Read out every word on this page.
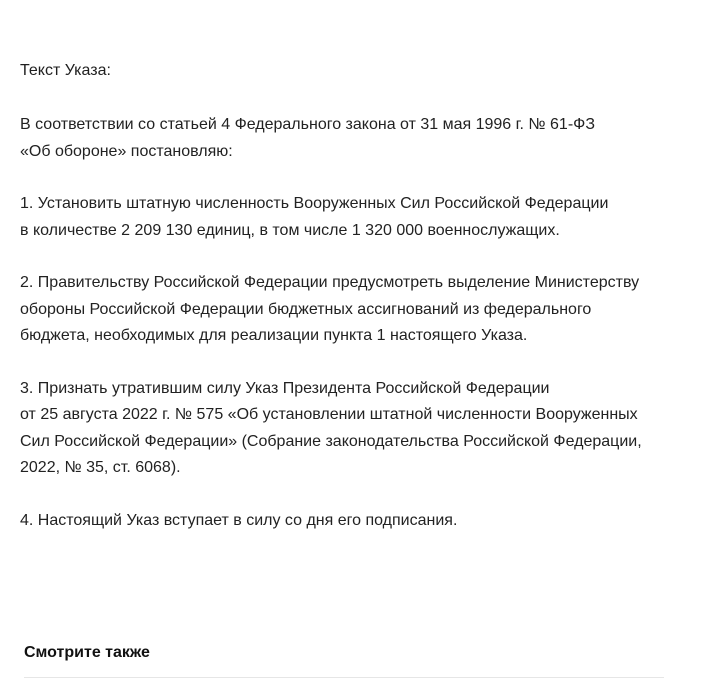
Текст Указа:

В соответствии со статьей 4 Федерального закона от 31 мая 1996 г. № 61-ФЗ
«Об обороне» постановляю:

1. Установить штатную численность Вооруженных Сил Российской Федерации
в количестве 2 209 130 единиц, в том числе 1 320 000 военнослужащих.

2. Правительству Российской Федерации предусмотреть выделение Министерству
обороны Российской Федерации бюджетных ассигнований из федерального
бюджета, необходимых для реализации пункта 1 настоящего Указа.

3. Признать утратившим силу Указ Президента Российской Федерации
от 25 августа 2022 г. № 575 «Об установлении штатной численности Вооруженных
Сил Российской Федерации» (Собрание законодательства Российской Федерации,
2022, № 35, ст. 6068).

4. Настоящий Указ вступает в силу со дня его подписания.

Смотрите также
